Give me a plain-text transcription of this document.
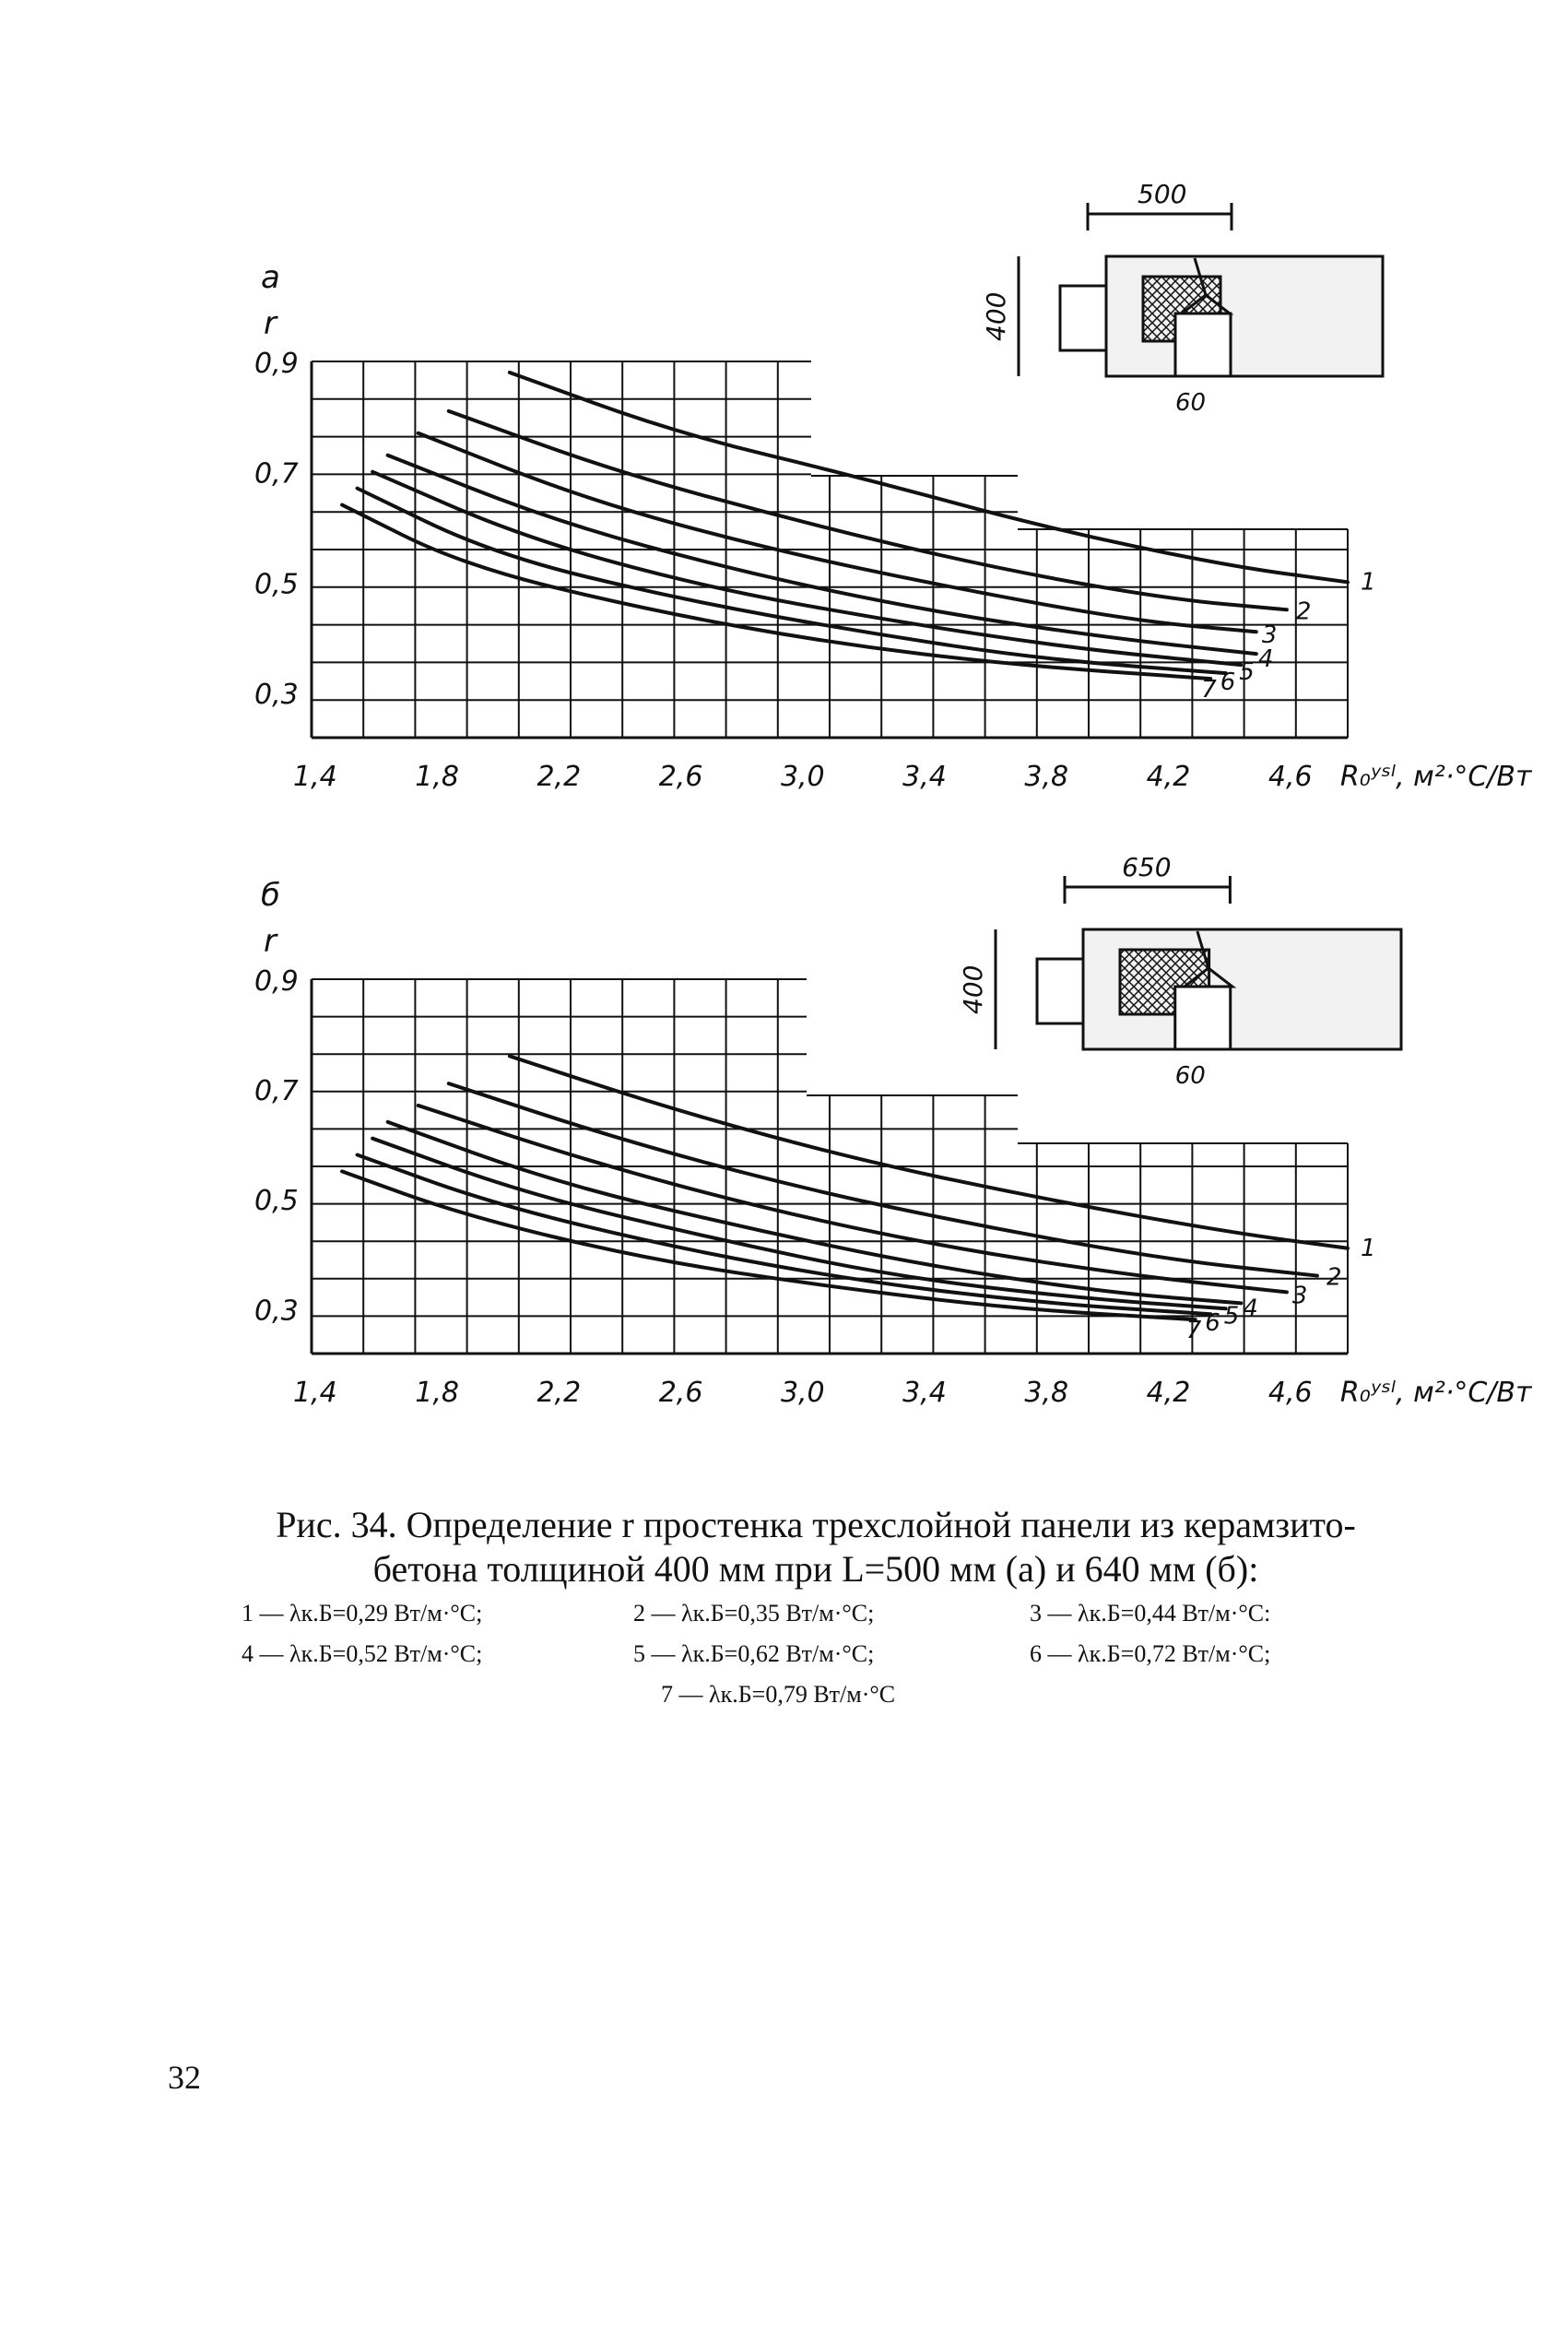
а
r
0,9
0,7
0,5
0,3
1,4	1,8	2,2	2,6	3,0	3,4	3,8	4,2	4,6 R₀ʸˢˡ, м²·°С/Вт
1
2
3
4
5
6
7
500
400
60
б
r
0,9
0,7
0,5
0,3
1,4	1,8	2,2	2,6	3,0	3,4	3,8	4,2	4,6 R₀ʸˢˡ, м²·°С/Вт
1
2
3
4
5
6
7
650
400
60
Рис. 34. Определение r простенка трехслойной панели из керамзито-
бетона толщиной 400 мм при L=500 мм (а) и 640 мм (б):
1 — λк.Б=0,29 Вт/м·°С;	2 — λк.Б=0,35 Вт/м·°С;	3 — λк.Б=0,44 Вт/м·°С:
4 — λк.Б=0,52 Вт/м·°С;	5 — λк.Б=0,62 Вт/м·°С;	6 — λк.Б=0,72 Вт/м·°С;
7 — λк.Б=0,79 Вт/м·°С
32
